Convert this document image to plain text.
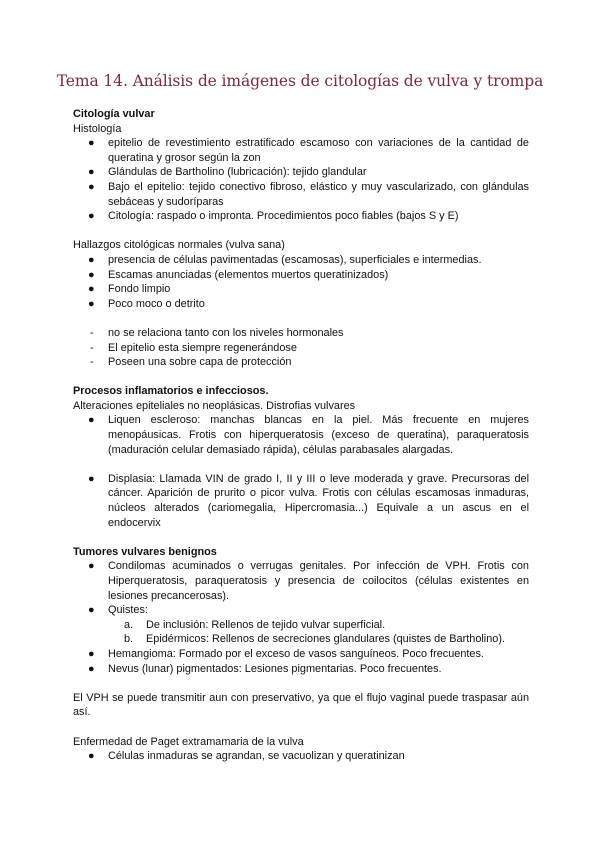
Tema 14. Análisis de imágenes de citologías de vulva y trompa
Citología vulvar
Histología
● epitelio de revestimiento estratificado escamoso con variaciones de la cantidad de queratina y grosor según la zon
● Glándulas de Bartholino (lubricación): tejido glandular
● Bajo el epitelio: tejido conectivo fibroso, elástico y muy vascularizado, con glándulas sebáceas y sudoríparas
● Citología: raspado o impronta. Procedimientos poco fiables (bajos S y E)
Hallazgos citológicas normales (vulva sana)
● presencia de células pavimentadas (escamosas), superficiales e intermedias.
● Escamas anunciadas (elementos muertos queratinizados)
● Fondo limpio
● Poco moco o detrito
- no se relaciona tanto con los niveles hormonales
- El epitelio esta siempre regenerándose
- Poseen una sobre capa de protección
Procesos inflamatorios e infecciosos.
Alteraciones epiteliales no neoplásicas. Distrofias vulvares
● Liquen escleroso: manchas blancas en la piel. Más frecuente en mujeres menopáusicas. Frotis con hiperqueratosis (exceso de queratina), paraqueratosis (maduración celular demasiado rápida), células parabasales alargadas.
● Displasia: Llamada VIN de grado I, II y III o leve moderada y grave. Precursoras del cáncer. Aparición de prurito o picor vulva. Frotis con células escamosas inmaduras, núcleos alterados (cariomegalia, Hipercromasia...) Equivale a un ascus en el endocervix
Tumores vulvares benignos
● Condilomas acuminados o verrugas genitales. Por infección de VPH. Frotis con Hiperqueratosis, paraqueratosis y presencia de coilocitos (células existentes en lesiones precancerosas).
● Quistes:
a. De inclusión: Rellenos de tejido vulvar superficial.
b. Epidérmicos: Rellenos de secreciones glandulares (quistes de Bartholino).
● Hemangioma: Formado por el exceso de vasos sanguíneos. Poco frecuentes.
● Nevus (lunar) pigmentados: Lesiones pigmentarias. Poco frecuentes.
El VPH se puede transmitir aun con preservativo, ya que el flujo vaginal puede traspasar aún así.
Enfermedad de Paget extramamaria de la vulva
● Células inmaduras se agrandan, se vacuolizan y queratinizan
